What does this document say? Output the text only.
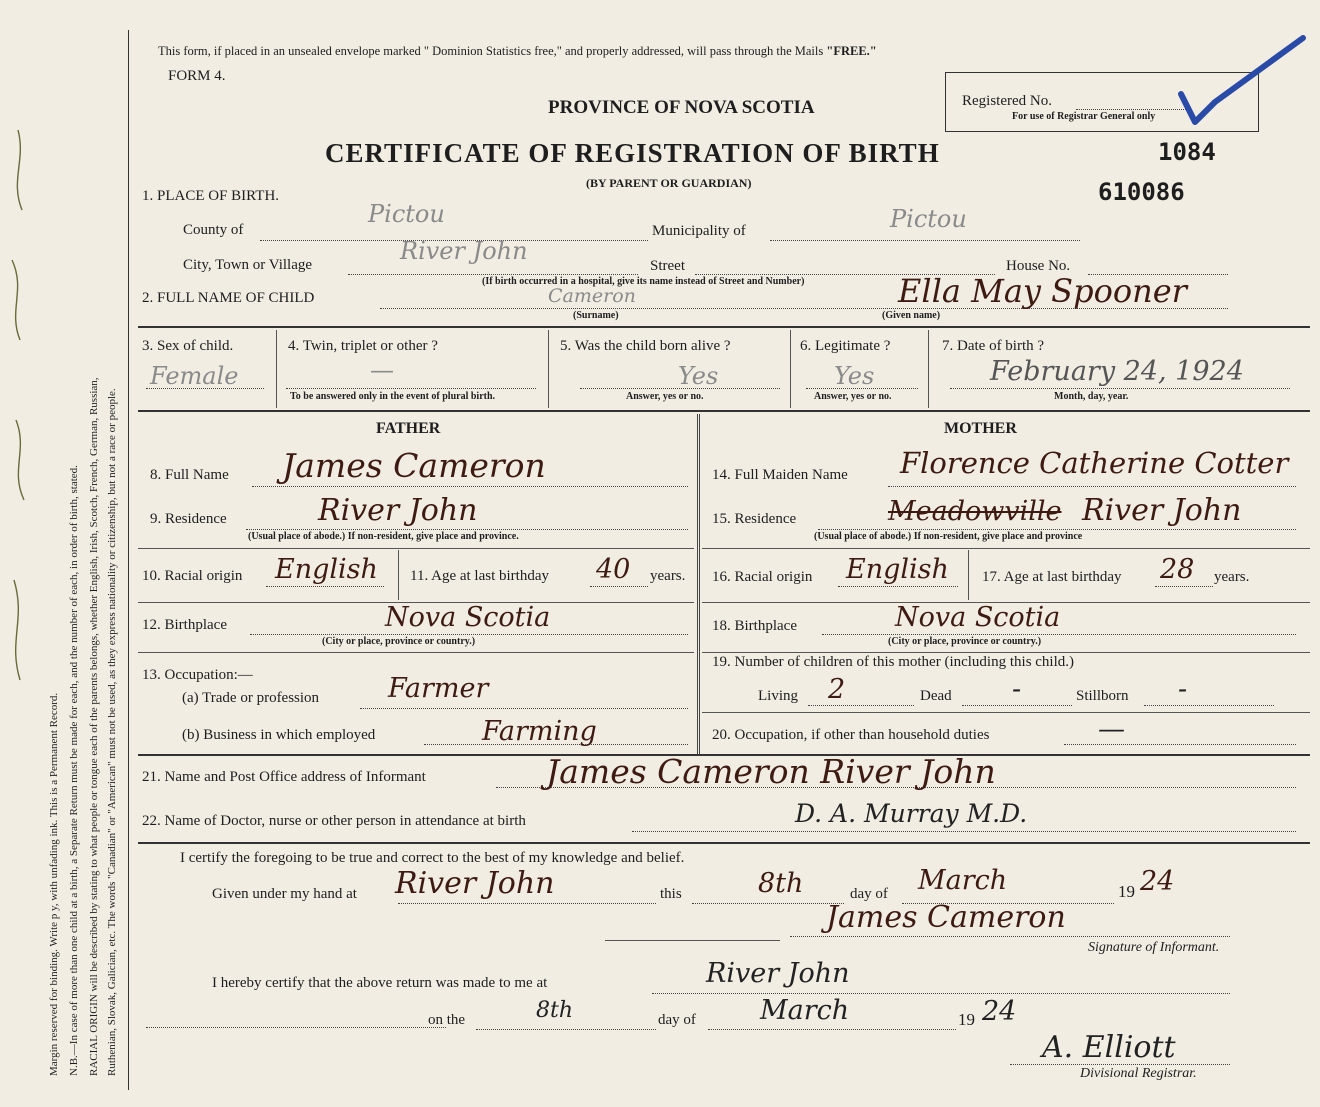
Margin reserved for binding. Write p y, with unfading ink. This is a Permanent Record. N.B.—In case of more than one child at a birth, a Separate Return must be made for each, and the number of each, in order of birth, stated. RACIAL ORIGIN will be described by stating to what people or tongue each of the parents belongs, whether English, Irish, Scotch, French, German, Russian, Ruthenian, Slovak, Galician, etc. The words "Canadian" or "American" must not be used, as they express nationality or citizenship, but not a race or people.
This form, if placed in an unsealed envelope marked " Dominion Statistics free," and properly addressed, will pass through the Mails "FREE."
FORM 4.
PROVINCE OF NOVA SCOTIA
CERTIFICATE OF REGISTRATION OF BIRTH
(BY PARENT OR GUARDIAN)
Registered No.
For use of Registrar General only
1084
610086
1. PLACE OF BIRTH.
County of
Pictou
Municipality of	Pictou
City, Town or Village	River John
Street	House No.
(If birth occurred in a hospital, give its name instead of Street and Number)
2. FULL NAME OF CHILD	Cameron	Ella May Spooner
(Surname)	(Given name)
3. Sex of child.
Female
4. Twin, triplet or other ?
—
To be answered only in the event of plural birth.
5. Was the child born alive ?
Yes
Answer, yes or no.
6. Legitimate ?
Yes
Answer, yes or no.
7. Date of birth ?
February 24, 1924
Month, day, year.
FATHER	MOTHER
8. Full Name James Cameron
9. Residence	River John
(Usual place of abode.) If non-resident, give place and province.
10. Racial origin English 11. Age at last birthday 40 years.
12. Birthplace	Nova Scotia
(City or place, province or country.)
13. Occupation:—
(a) Trade or profession	Farmer
(b) Business in which employed	Farming
14. Full Maiden Name Florence Catherine Cotter
15. Residence	Meadowville River John
(Usual place of abode.) If non-resident, give place and province
16. Racial origin English 17. Age at last birthday 28 years.
18. Birthplace	Nova Scotia
(City or place, province or country.)
19. Number of children of this mother (including this child.)
Living 2	Dead -	Stillborn -
20. Occupation, if other than household duties	—
21. Name and Post Office address of Informant	James Cameron River John
22. Name of Doctor, nurse or other person in attendance at birth	D. A. Murray M.D.
I certify the foregoing to be true and correct to the best of my knowledge and belief.
Given under my hand at River John	this	8th	day of March	19 24
James Cameron
Signature of Informant.
I hereby certify that the above return was made to me at	River John
on the	8th	day of March	19 24
A. Elliott
Divisional Registrar.
